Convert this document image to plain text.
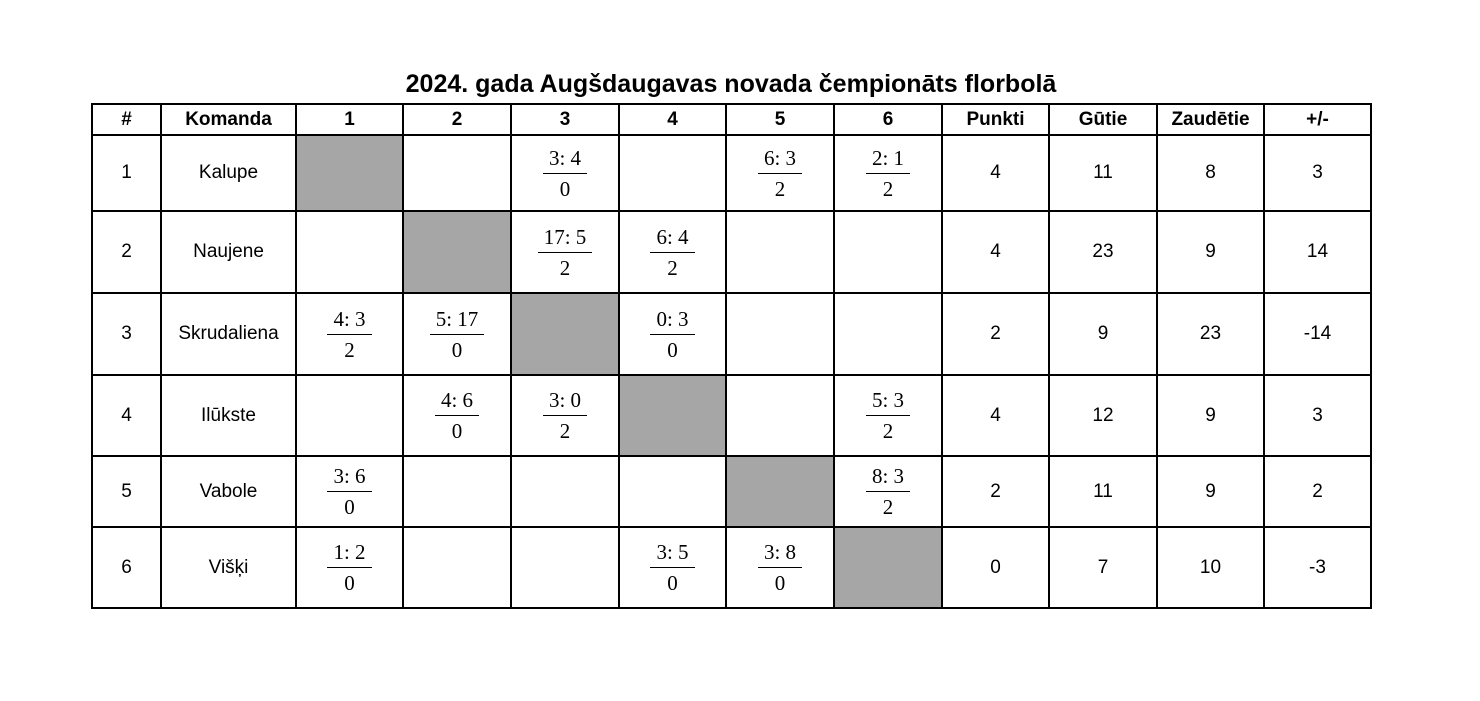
2024. gada Augšdaugavas novada čempionāts florbolā
#	Komanda	1	2	3	4	5	6	Punkti	Gūtie	Zaudētie	+/-
1	Kalupe			$\frac{3: 4}{0}$		$\frac{6: 3}{2}$	$\frac{2: 1}{2}$	4	11	8	3
2	Naujene			$\frac{17: 5}{2}$	$\frac{6: 4}{2}$			4	23	9	14
3	Skrudaliena	$\frac{4: 3}{2}$	$\frac{5: 17}{0}$		$\frac{0: 3}{0}$			2	9	23	-14
4	Ilūkste		$\frac{4: 6}{0}$	$\frac{3: 0}{2}$			$\frac{5: 3}{2}$	4	12	9	3
5	Vabole	$\frac{3: 6}{0}$					$\frac{8: 3}{2}$	2	11	9	2
6	Višķi	$\frac{1: 2}{0}$			$\frac{3: 5}{0}$	$\frac{3: 8}{0}$		0	7	10	-3
